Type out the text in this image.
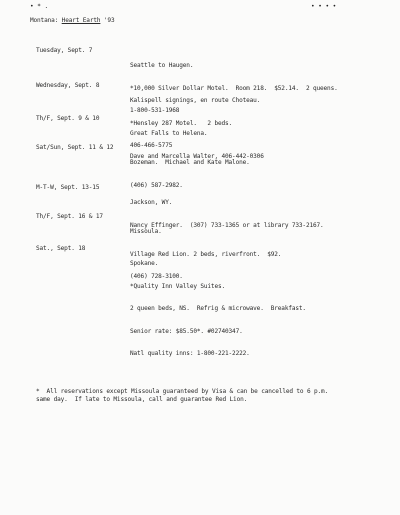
• * .	• • • •
Montana: Heart Earth '93
Tuesday, Sept. 7

Seattle to Haugen.

*10,000 Silver Dollar Motel.  Room 218.  $52.14.  2 queens.

1-800-531-1968

Wednesday, Sept. 8

Kalispell signings, en route Choteau.

*Hensley 287 Motel.   2 beds.

406-466-5775

Th/F, Sept. 9 & 10

Great Falls to Helena.

Dave and Marcella Walter, 406-442-0306

Sat/Sun, Sept. 11 & 12

Bozeman.  Michael and Kate Malone.

(406) 587-2982.

M-T-W, Sept. 13-15

Jackson, WY.

Nancy Effinger.  (307) 733-1365 or at library 733-2167.

Th/F, Sept. 16 & 17

Missoula.

Village Red Lion. 2 beds, riverfront.  $92.

(406) 728-3100.

Sat., Sept. 18

Spokane.

*Quality Inn Valley Suites.

2 queen beds, NS.  Refrig & microwave.  Breakfast.

Senior rate: $85.50*. #02740347.

Natl quality inns: 1-800-221-2222.

*  All reservations except Missoula guaranteed by Visa & can be cancelled to 6 p.m.
same day.  If late to Missoula, call and guarantee Red Lion.
